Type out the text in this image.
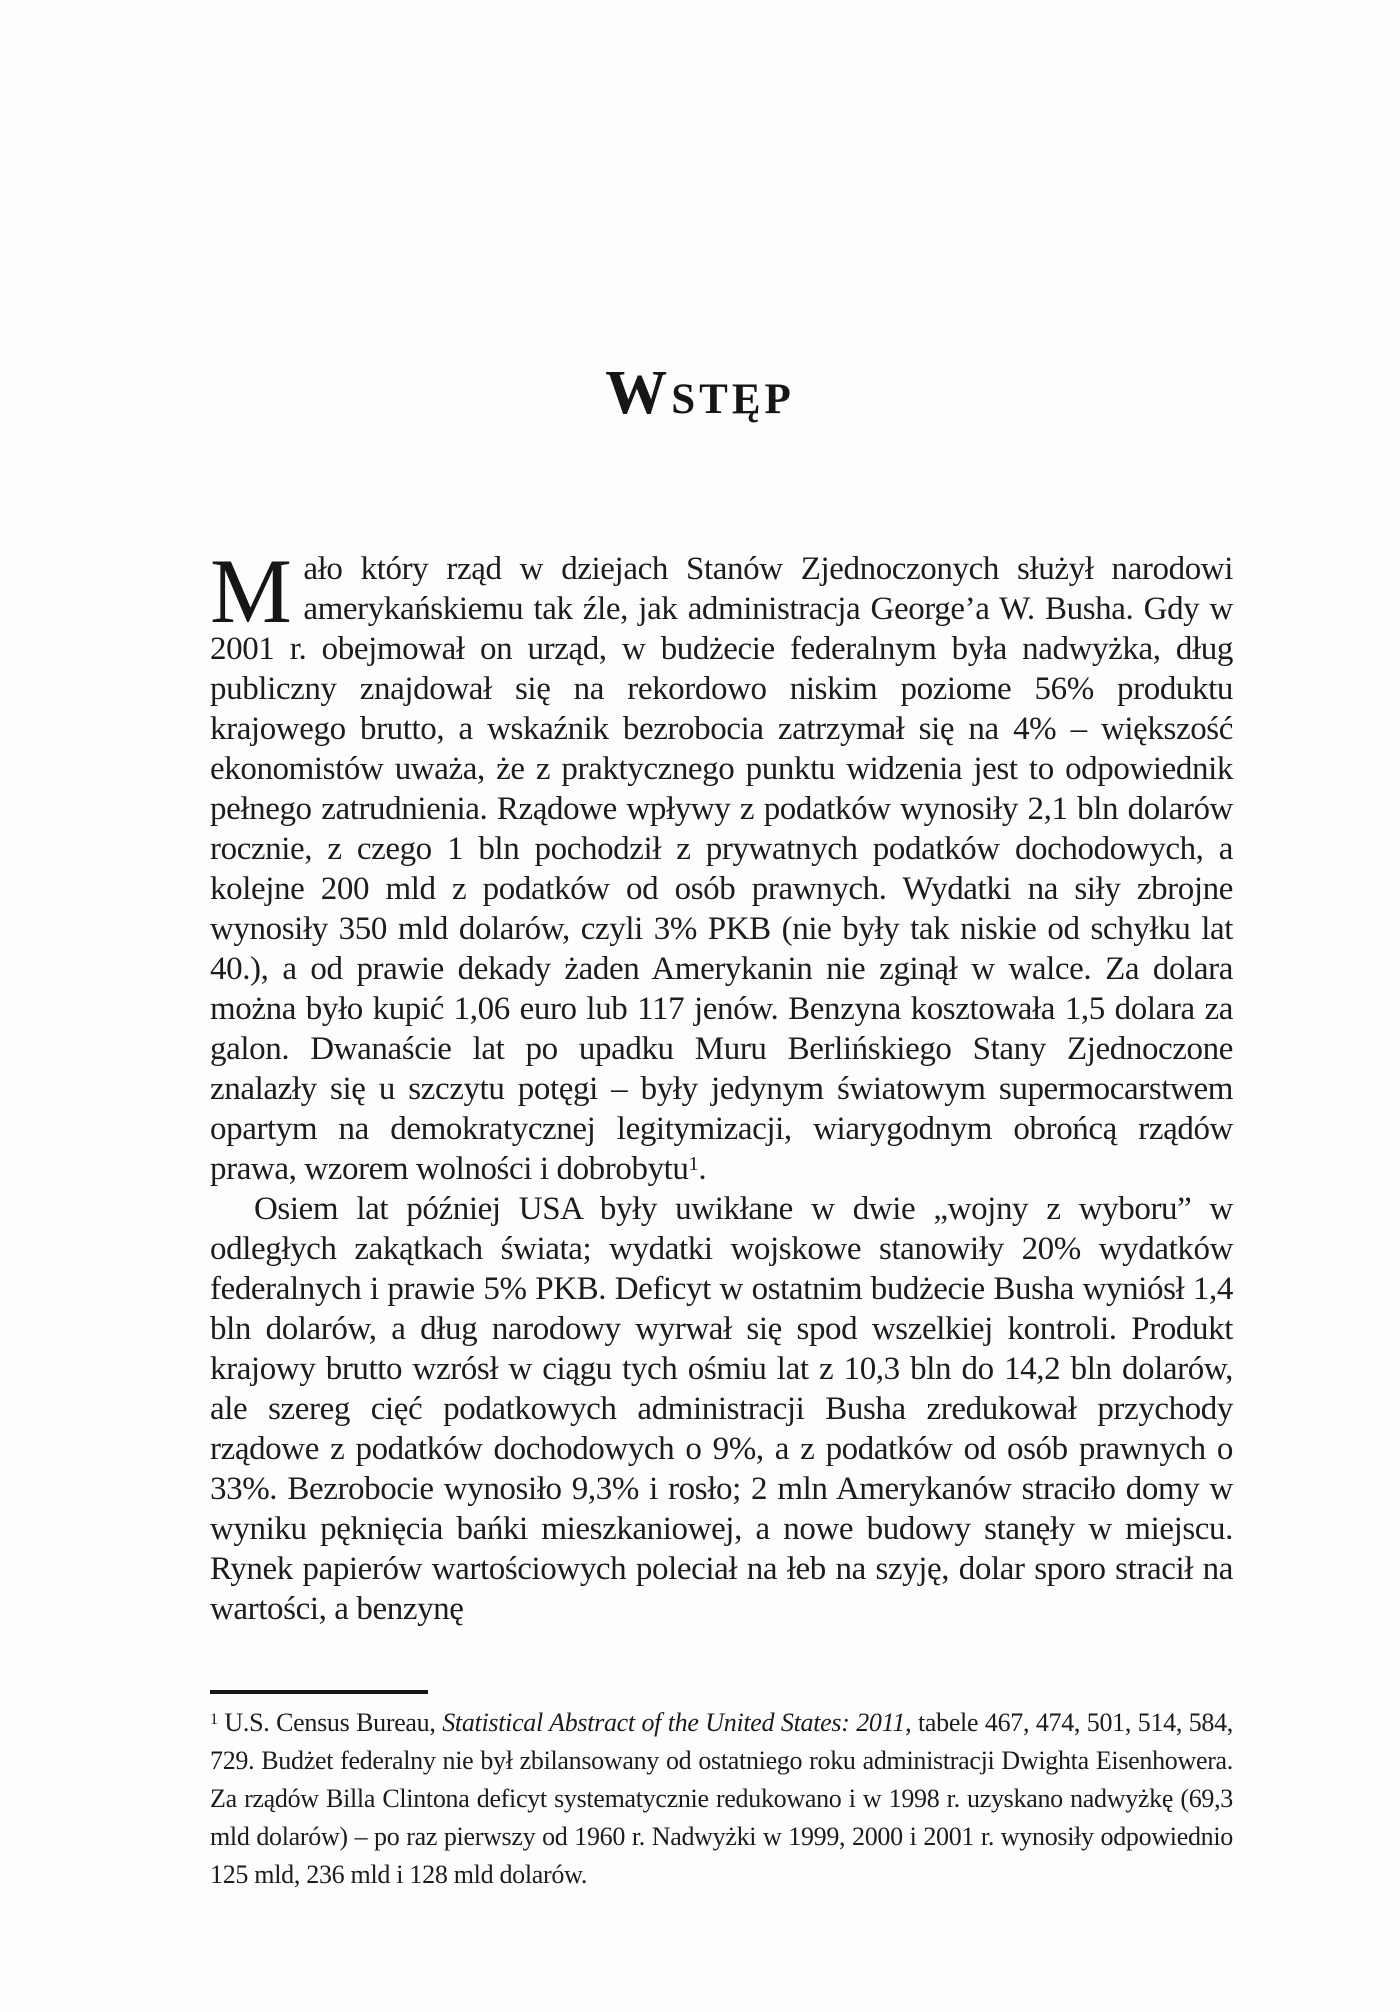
Wstęp

Mało który rząd w dziejach Stanów Zjednoczonych służył narodowi amerykańskiemu tak źle, jak administracja George’a W. Busha. Gdy w 2001 r. obejmował on urząd, w budżecie federalnym była nadwyżka, dług publiczny znajdował się na rekordowo niskim poziome 56% produktu krajowego brutto, a wskaźnik bezrobocia zatrzymał się na 4% – większość ekonomistów uważa, że z praktycznego punktu widzenia jest to odpowiednik pełnego zatrudnienia. Rządowe wpływy z podatków wynosiły 2,1 bln dolarów rocznie, z czego 1 bln pochodził z prywatnych podatków dochodowych, a kolejne 200 mld z podatków od osób prawnych. Wydatki na siły zbrojne wynosiły 350 mld dolarów, czyli 3% PKB (nie były tak niskie od schyłku lat 40.), a od prawie dekady żaden Amerykanin nie zginął w walce. Za dolara można było kupić 1,06 euro lub 117 jenów. Benzyna kosztowała 1,5 dolara za galon. Dwanaście lat po upadku Muru Berlińskiego Stany Zjednoczone znalazły się u szczytu potęgi – były jedynym światowym supermocarstwem opartym na demokratycznej legitymizacji, wiarygodnym obrońcą rządów prawa, wzorem wolności i dobrobytu$^1$.

Osiem lat później USA były uwikłane w dwie „wojny z wyboru” w odległych zakątkach świata; wydatki wojskowe stanowiły 20% wydatków federalnych i prawie 5% PKB. Deficyt w ostatnim budżecie Busha wyniósł 1,4 bln dolarów, a dług narodowy wyrwał się spod wszelkiej kontroli. Produkt krajowy brutto wzrósł w ciągu tych ośmiu lat z 10,3 bln do 14,2 bln dolarów, ale szereg cięć podatkowych administracji Busha zredukował przychody rządowe z podatków dochodowych o 9%, a z podatków od osób prawnych o 33%. Bezrobocie wynosiło 9,3% i rosło; 2 mln Amerykanów straciło domy w wyniku pęknięcia bańki mieszkaniowej, a nowe budowy stanęły w miejscu. Rynek papierów wartościowych poleciał na łeb na szyję, dolar sporo stracił na wartości, a benzynę

$^1$ U.S. Census Bureau, Statistical Abstract of the United States: 2011, tabele 467, 474, 501, 514, 584, 729. Budżet federalny nie był zbilansowany od ostatniego roku administracji Dwighta Eisenhowera. Za rządów Billa Clintona deficyt systematycznie redukowano i w 1998 r. uzyskano nadwyżkę (69,3 mld dolarów) – po raz pierwszy od 1960 r. Nadwyżki w 1999, 2000 i 2001 r. wynosiły odpowiednio 125 mld, 236 mld i 128 mld dolarów.
